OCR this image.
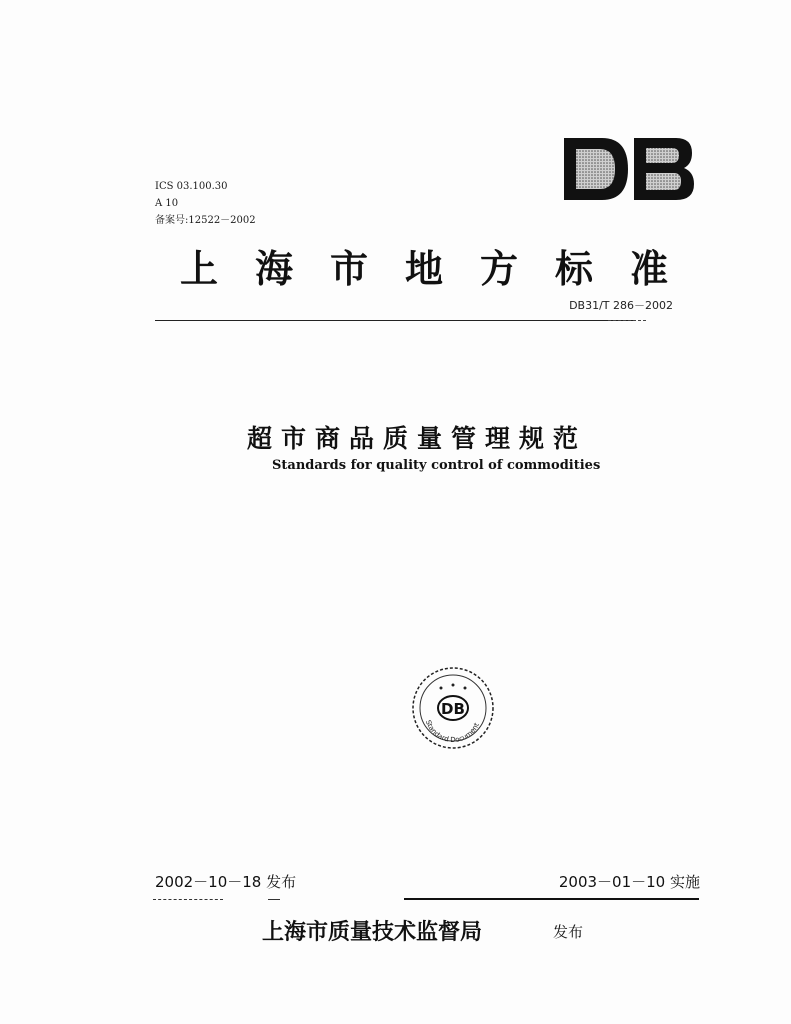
ICS 03.100.30
A 10
备案号:12522－2002
DB
上海市地方标准
DB31/T 286－2002
超市商品质量管理规范
Standards for quality control of commodities
DB
Standard Document
2002－10－18 发布	2003－01－10 实施
上海市质量技术监督局	发布
